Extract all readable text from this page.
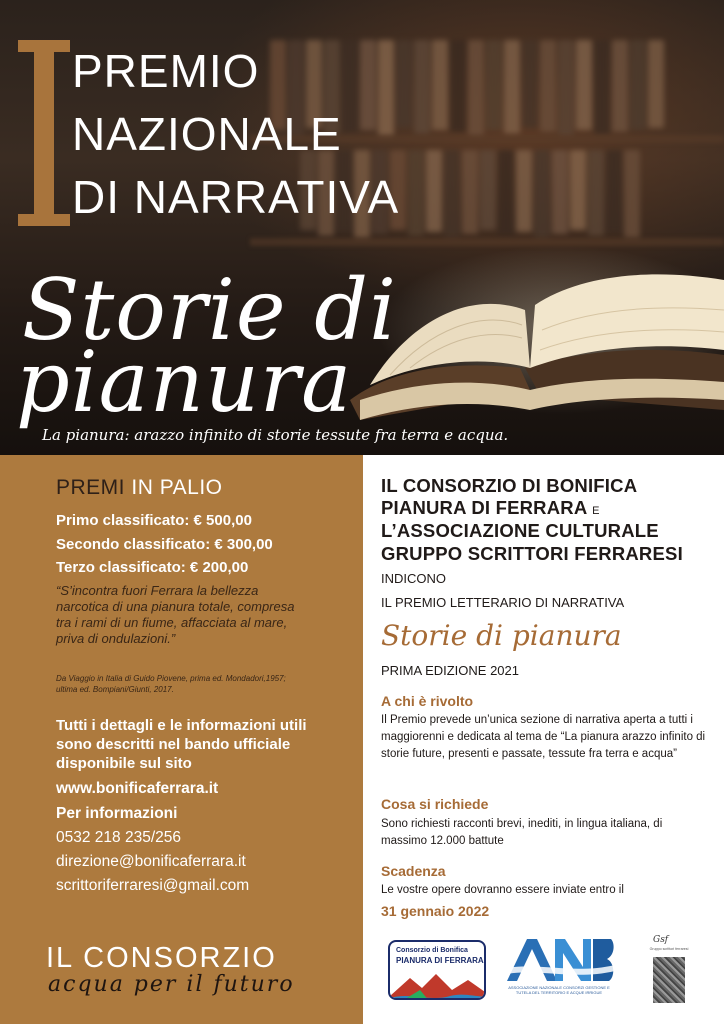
PREMIO
NAZIONALE
DI NARRATIVA
Storie di
pianura
La pianura: arazzo infinito di storie tessute fra terra e acqua.
PREMI IN PALIO
Primo classificato: € 500,00
Secondo classificato: € 300,00
Terzo classificato: € 200,00
“S’incontra fuori Ferrara la bellezza narcotica di una pianura totale, compresa tra i rami di un fiume, affacciata al mare, priva di ondulazioni.”
Da Viaggio in Italia di Guido Piovene, prima ed. Mondadori,1957; ultima ed. Bompiani/Giunti, 2017.
Tutti i dettagli e le informazioni utili sono descritti nel bando ufficiale disponibile sul sito
www.bonificaferrara.it
Per informazioni
0532 218 235/256
direzione@bonificaferrara.it
scrittoriferraresi@gmail.com
IL CONSORZIO
acqua per il futuro
IL CONSORZIO DI BONIFICA
PIANURA DI FERRARA E
L’ASSOCIAZIONE CULTURALE
GRUPPO SCRITTORI FERRARESI
INDICONO
IL PREMIO LETTERARIO DI NARRATIVA
Storie di pianura
PRIMA EDIZIONE 2021
A chi è rivolto
Il Premio prevede un’unica sezione di narrativa aperta a tutti i maggiorenni e dedicata al tema de “La pianura arazzo infinito di storie future, presenti e passate, tessute fra terra e acqua”
Cosa si richiede
Sono richiesti racconti brevi, inediti, in lingua italiana, di massimo 12.000 battute
Scadenza
Le vostre opere dovranno essere inviate entro il
31 gennaio 2022
Consorzio di Bonifica
PIANURA DI FERRARA
ASSOCIAZIONE NAZIONALE CONSORZI GESTIONE E TUTELA DEL TERRITORIO E ACQUE IRRIGUE
Gsf
Gruppo scrittori ferraresi
